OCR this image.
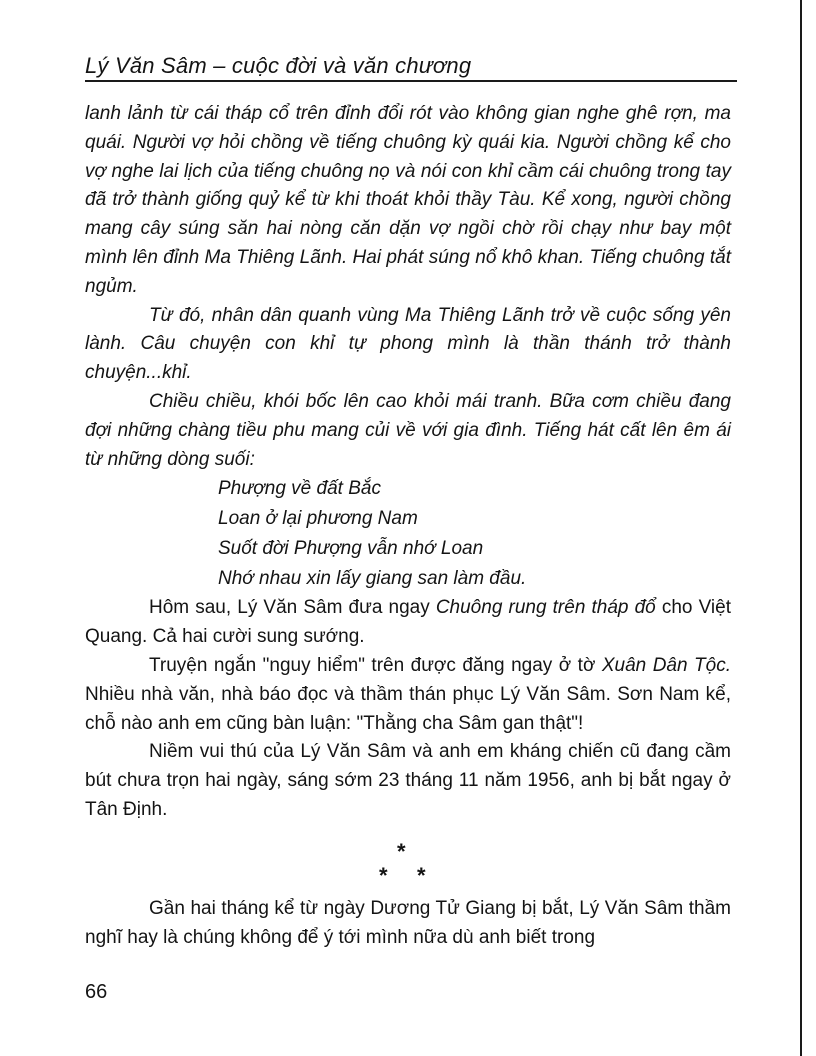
Lý Văn Sâm – cuộc đời và văn chương

lanh lảnh từ cái tháp cổ trên đỉnh đổi rót vào không gian nghe ghê rợn, ma quái. Người vợ hỏi chồng về tiếng chuông kỳ quái kia. Người chồng kể cho vợ nghe lai lịch của tiếng chuông nọ và nói con khỉ cầm cái chuông trong tay đã trở thành giống quỷ kể từ khi thoát khỏi thầy Tàu. Kể xong, người chồng mang cây súng săn hai nòng căn dặn vợ ngồi chờ rồi chạy như bay một mình lên đỉnh Ma Thiêng Lãnh. Hai phát súng nổ khô khan. Tiếng chuông tắt ngủm.

Từ đó, nhân dân quanh vùng Ma Thiêng Lãnh trở về cuộc sống yên lành. Câu chuyện con khỉ tự phong mình là thần thánh trở thành chuyện...khỉ.

Chiều chiều, khói bốc lên cao khỏi mái tranh. Bữa cơm chiều đang đợi những chàng tiều phu mang củi về với gia đình. Tiếng hát cất lên êm ái từ những dòng suối:

Phượng về đất Bắc
Loan ở lại phương Nam
Suốt đời Phượng vẫn nhớ Loan
Nhớ nhau xin lấy giang san làm đầu.

Hôm sau, Lý Văn Sâm đưa ngay Chuông rung trên tháp đổ cho Việt Quang. Cả hai cười sung sướng.

Truyện ngắn "nguy hiểm" trên được đăng ngay ở tờ Xuân Dân Tộc. Nhiều nhà văn, nhà báo đọc và thầm thán phục Lý Văn Sâm. Sơn Nam kể, chỗ nào anh em cũng bàn luận: "Thằng cha Sâm gan thật"!

Niềm vui thú của Lý Văn Sâm và anh em kháng chiến cũ đang cầm bút chưa trọn hai ngày, sáng sớm 23 tháng 11 năm 1956, anh bị bắt ngay ở Tân Định.

*
* *

Gần hai tháng kể từ ngày Dương Tử Giang bị bắt, Lý Văn Sâm thầm nghĩ hay là chúng không để ý tới mình nữa dù anh biết trong

66
